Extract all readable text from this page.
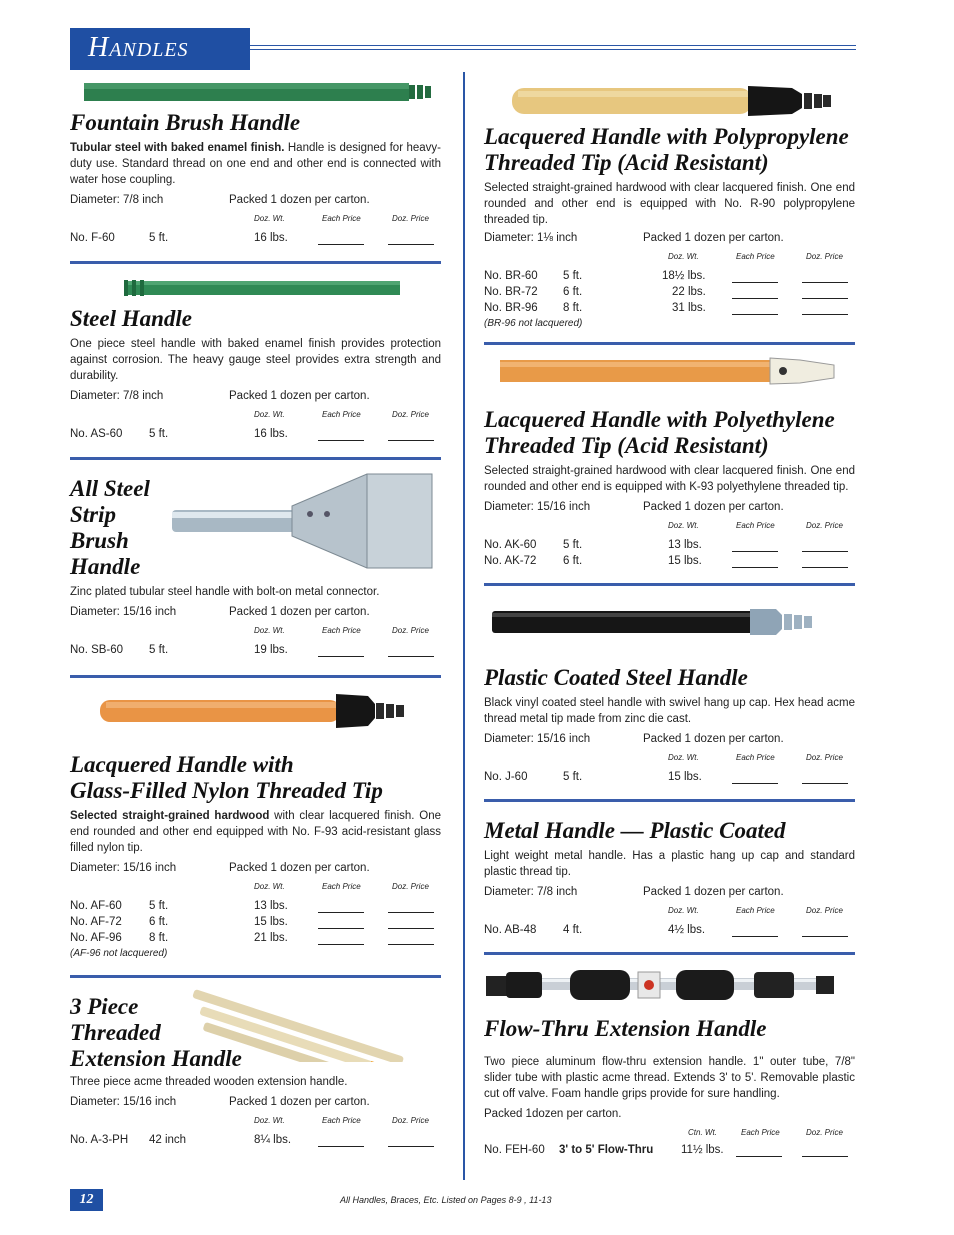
Handles
Fountain Brush Handle

Tubular steel with baked enamel finish. Handle is designed for heavy-duty use. Standard thread on one end and other end is connected with water hose coupling.

Diameter: 7/8 inch	Packed 1 dozen per carton.
Doz. Wt.	Each Price	Doz. Price
No. F-60	5 ft.	16 lbs.
Steel Handle

One piece steel handle with baked enamel finish provides protection against corrosion. The heavy gauge steel provides extra strength and durability.

Diameter: 7/8 inch	Packed 1 dozen per carton.
Doz. Wt.	Each Price	Doz. Price
No. AS-60 5 ft.	16 lbs.
All Steel
Strip
Brush
Handle

Zinc plated tubular steel handle with bolt-on metal connector.

Diameter: 15/16 inch	Packed 1 dozen per carton.
Doz. Wt.	Each Price	Doz. Price
No. SB-60 5 ft.	19 lbs.
Lacquered Handle with
Glass-Filled Nylon Threaded Tip

Selected straight-grained hardwood with clear lacquered finish. One end rounded and other end equipped with No. F-93 acid-resistant glass filled nylon tip.

Diameter: 15/16 inch	Packed 1 dozen per carton.
Doz. Wt.	Each Price	Doz. Price
No. AF-60 5 ft.	13 lbs.
No. AF-72 6 ft.	15 lbs.
No. AF-96 8 ft.	21 lbs.
(AF-96 not lacquered)
3 Piece
Threaded
Extension Handle

Three piece acme threaded wooden extension handle.

Diameter: 15/16 inch	Packed 1 dozen per carton.
Doz. Wt.	Each Price	Doz. Price
No. A-3-PH 42 inch	8¼ lbs.
Lacquered Handle with Polypropylene
Threaded Tip (Acid Resistant)

Selected straight-grained hardwood with clear lacquered finish. One end rounded and other end is equipped with No. R-90 polypropylene threaded tip.

Diameter: 1⅛ inch	Packed 1 dozen per carton.
Doz. Wt.	Each Price	Doz. Price
No. BR-60 5 ft.	18½ lbs.
No. BR-72 6 ft.	22 lbs.
No. BR-96 8 ft.	31 lbs.
(BR-96 not lacquered)
Lacquered Handle with Polyethylene
Threaded Tip (Acid Resistant)

Selected straight-grained hardwood with clear lacquered finish. One end rounded and other end is equipped with K-93 polyethylene threaded tip.

Diameter: 15/16 inch	Packed 1 dozen per carton.
Doz. Wt.	Each Price	Doz. Price
No. AK-60 5 ft.	13 lbs.
No. AK-72 6 ft.	15 lbs.
Plastic Coated Steel Handle

Black vinyl coated steel handle with swivel hang up cap. Hex head acme thread metal tip made from zinc die cast.

Diameter: 15/16 inch	Packed 1 dozen per carton.
Doz. Wt.	Each Price	Doz. Price
No. J-60	5 ft.	15 lbs.
Metal Handle — Plastic Coated

Light weight metal handle. Has a plastic hang up cap and standard plastic thread tip.

Diameter: 7/8 inch	Packed 1 dozen per carton.
Doz. Wt.	Each Price	Doz. Price
No. AB-48 4 ft.	4½ lbs.
Flow-Thru Extension Handle

Two piece aluminum flow-thru extension handle. 1" outer tube, 7/8" slider tube with plastic acme thread. Extends 3' to 5'. Removable plastic cut off valve. Foam handle grips provide for sure handling.

Packed 1dozen per carton.
Ctn. Wt.	Each Price	Doz. Price
No. FEH-60 3' to 5' Flow-Thru 11½ lbs.
12	All Handles, Braces, Etc. Listed on Pages 8-9 , 11-13
